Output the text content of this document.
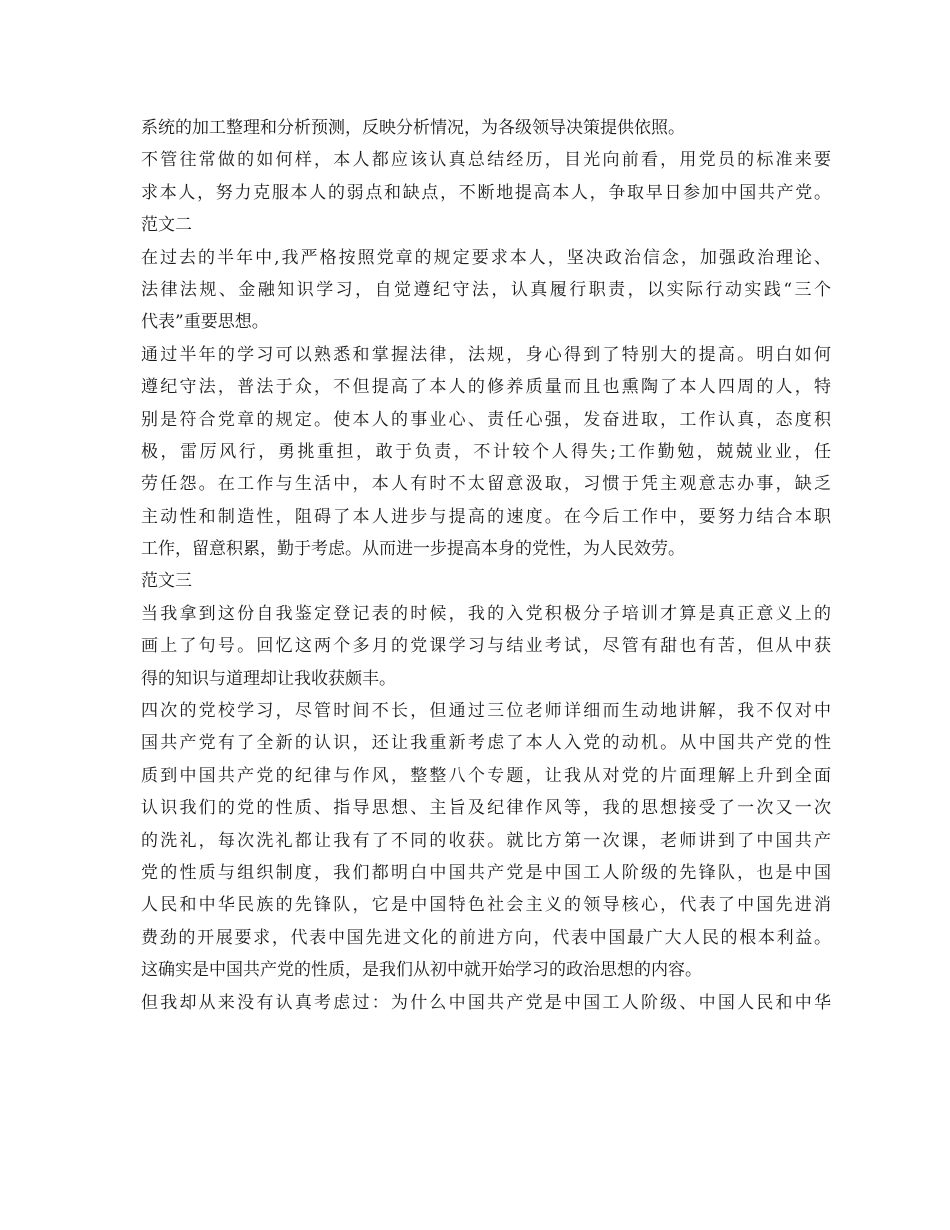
系统的加工整理和分析预测，反映分析情况，为各级领导决策提供依照。
不管往常做的如何样，本人都应该认真总结经历，目光向前看，用党员的标准来要
求本人，努力克服本人的弱点和缺点，不断地提高本人，争取早日参加中国共产党。
范文二
在过去的半年中,我严格按照党章的规定要求本人，坚决政治信念，加强政治理论、
法律法规、金融知识学习，自觉遵纪守法，认真履行职责，以实际行动实践“三个
代表”重要思想。
通过半年的学习可以熟悉和掌握法律，法规，身心得到了特别大的提高。明白如何
遵纪守法，普法于众，不但提高了本人的修养质量而且也熏陶了本人四周的人，特
别是符合党章的规定。使本人的事业心、责任心强，发奋进取，工作认真，态度积
极，雷厉风行，勇挑重担，敢于负责，不计较个人得失;工作勤勉，兢兢业业，任
劳任怨。在工作与生活中，本人有时不太留意汲取，习惯于凭主观意志办事，缺乏
主动性和制造性，阻碍了本人进步与提高的速度。在今后工作中，要努力结合本职
工作，留意积累，勤于考虑。从而进一步提高本身的党性，为人民效劳。
范文三
当我拿到这份自我鉴定登记表的时候，我的入党积极分子培训才算是真正意义上的
画上了句号。回忆这两个多月的党课学习与结业考试，尽管有甜也有苦，但从中获
得的知识与道理却让我收获颇丰。
四次的党校学习，尽管时间不长，但通过三位老师详细而生动地讲解，我不仅对中
国共产党有了全新的认识，还让我重新考虑了本人入党的动机。从中国共产党的性
质到中国共产党的纪律与作风，整整八个专题，让我从对党的片面理解上升到全面
认识我们的党的性质、指导思想、主旨及纪律作风等，我的思想接受了一次又一次
的洗礼，每次洗礼都让我有了不同的收获。就比方第一次课，老师讲到了中国共产
党的性质与组织制度，我们都明白中国共产党是中国工人阶级的先锋队，也是中国
人民和中华民族的先锋队，它是中国特色社会主义的领导核心，代表了中国先进消
费劲的开展要求，代表中国先进文化的前进方向，代表中国最广大人民的根本利益。
这确实是中国共产党的性质，是我们从初中就开始学习的政治思想的内容。
但我却从来没有认真考虑过：为什么中国共产党是中国工人阶级、中国人民和中华
